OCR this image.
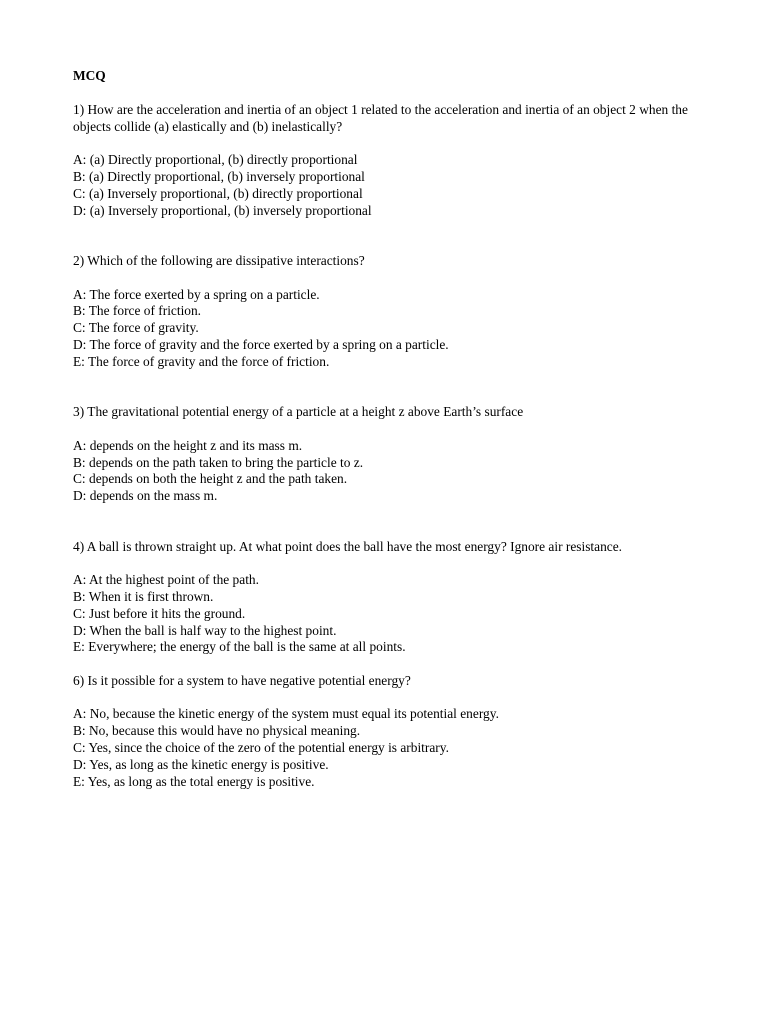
MCQ

1) How are the acceleration and inertia of an object 1 related to the acceleration and inertia of an object 2 when the objects collide (a) elastically and (b) inelastically?

A: (a) Directly proportional, (b) directly proportional
B: (a) Directly proportional, (b) inversely proportional
C: (a) Inversely proportional, (b) directly proportional
D: (a) Inversely proportional, (b) inversely proportional

2) Which of the following are dissipative interactions?

A: The force exerted by a spring on a particle.
B: The force of friction.
C: The force of gravity.
D: The force of gravity and the force exerted by a spring on a particle.
E: The force of gravity and the force of friction.

3) The gravitational potential energy of a particle at a height z above Earth’s surface

A: depends on the height z and its mass m.
B: depends on the path taken to bring the particle to z.
C: depends on both the height z and the path taken.
D: depends on the mass m.

4) A ball is thrown straight up. At what point does the ball have the most energy? Ignore air resistance.

A: At the highest point of the path.
B: When it is first thrown.
C: Just before it hits the ground.
D: When the ball is half way to the highest point.
E: Everywhere; the energy of the ball is the same at all points.

6) Is it possible for a system to have negative potential energy?

A: No, because the kinetic energy of the system must equal its potential energy.
B: No, because this would have no physical meaning.
C: Yes, since the choice of the zero of the potential energy is arbitrary.
D: Yes, as long as the kinetic energy is positive.
E: Yes, as long as the total energy is positive.
